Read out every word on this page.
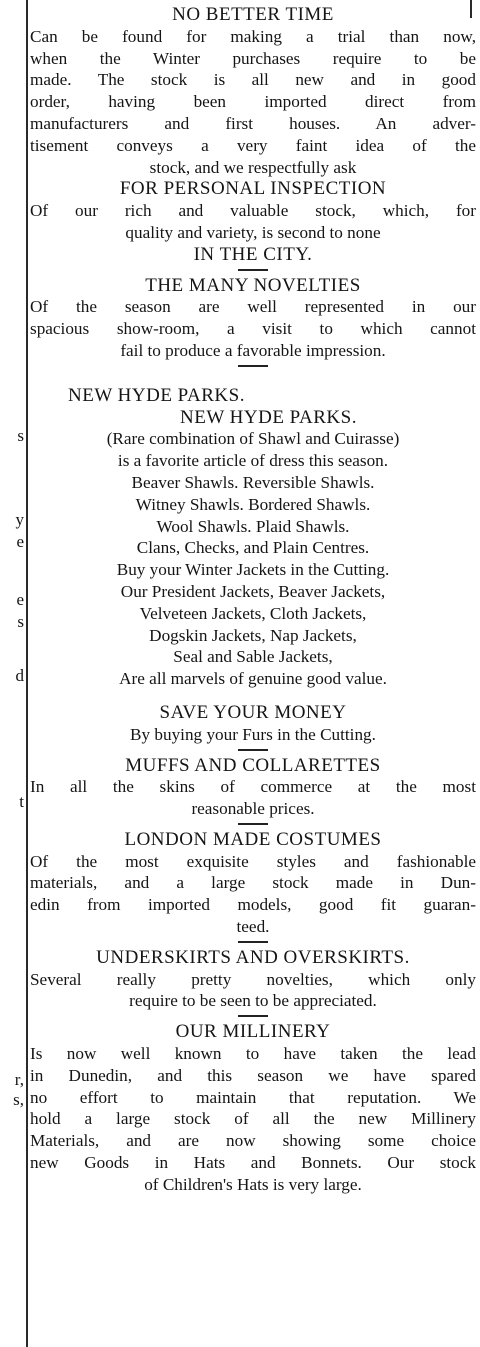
s
y
e
e
s
d
t
r,
s,
NO BETTER TIME
Can be found for making a trial than now,
when the Winter purchases require to be
made. The stock is all new and in good
order, having been imported direct from
manufacturers and first houses. An adver-
tisement conveys a very faint idea of the
stock, and we respectfully ask
FOR PERSONAL INSPECTION
Of our rich and valuable stock, which, for
quality and variety, is second to none
IN THE CITY.
THE MANY NOVELTIES
Of the season are well represented in our
spacious show-room, a visit to which cannot
fail to produce a favorable impression.
NEW HYDE PARKS.
NEW HYDE PARKS.
(Rare combination of Shawl and Cuirasse)
is a favorite article of dress this season.
Beaver Shawls. Reversible Shawls.
Witney Shawls. Bordered Shawls.
Wool Shawls. Plaid Shawls.
Clans, Checks, and Plain Centres.
Buy your Winter Jackets in the Cutting.
Our President Jackets, Beaver Jackets,
Velveteen Jackets, Cloth Jackets,
Dogskin Jackets, Nap Jackets,
Seal and Sable Jackets,
Are all marvels of genuine good value.
SAVE YOUR MONEY
By buying your Furs in the Cutting.
MUFFS AND COLLARETTES
In all the skins of commerce at the most
reasonable prices.
LONDON MADE COSTUMES
Of the most exquisite styles and fashionable
materials, and a large stock made in Dun-
edin from imported models, good fit guaran-
teed.
UNDERSKIRTS AND OVERSKIRTS.
Several really pretty novelties, which only
require to be seen to be appreciated.
OUR MILLINERY
Is now well known to have taken the lead
in Dunedin, and this season we have spared
no effort to maintain that reputation. We
hold a large stock of all the new Millinery
Materials, and are now showing some choice
new Goods in Hats and Bonnets. Our stock
of Children's Hats is very large.
